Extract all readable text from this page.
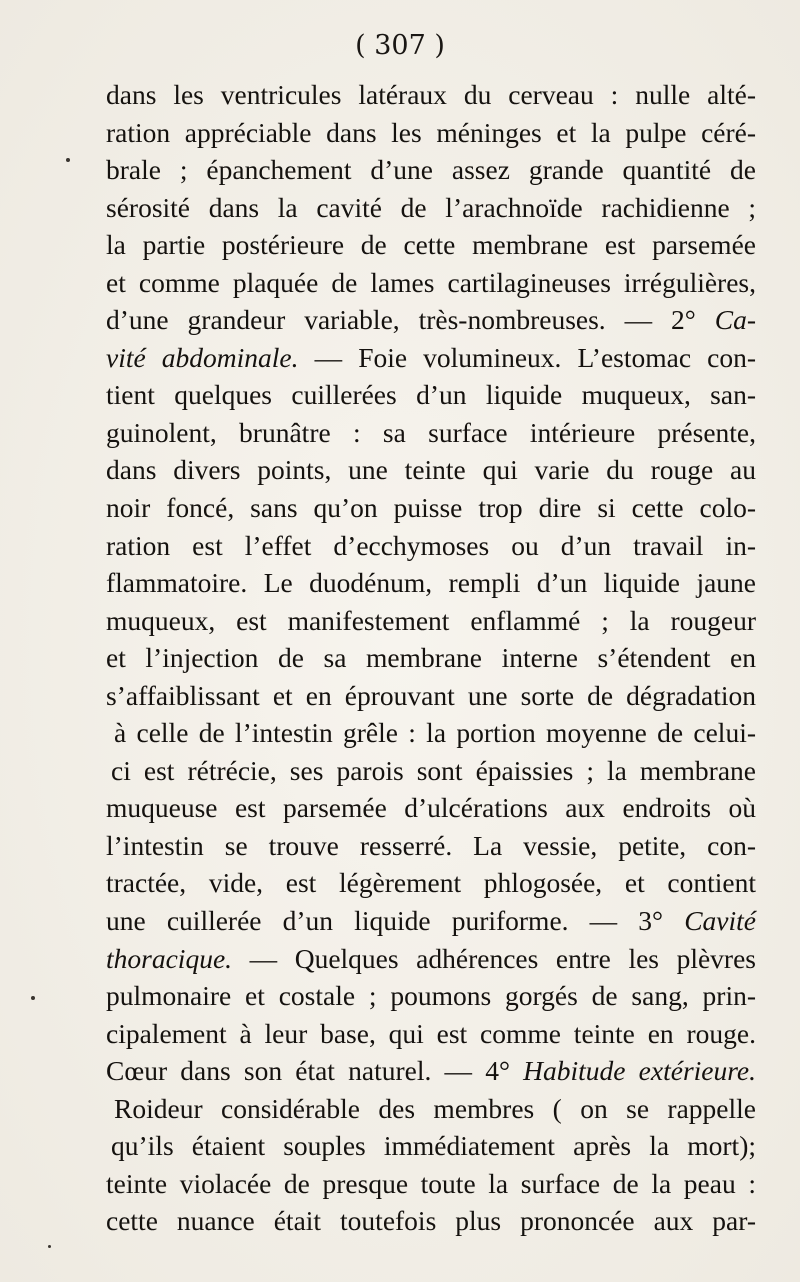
( 307 )
dans les ventricules latéraux du cerveau : nulle alté-
ration appréciable dans les méninges et la pulpe céré-
brale ; épanchement d’une assez grande quantité de
sérosité dans la cavité de l’arachnoïde rachidienne ;
la partie postérieure de cette membrane est parsemée
et comme plaquée de lames cartilagineuses irrégulières,
d’une grandeur variable, très-nombreuses. — 2° Ca-
vité abdominale. — Foie volumineux. L’estomac con-
tient quelques cuillerées d’un liquide muqueux, san-
guinolent, brunâtre : sa surface intérieure présente,
dans divers points, une teinte qui varie du rouge au
noir foncé, sans qu’on puisse trop dire si cette colo-
ration est l’effet d’ecchymoses ou d’un travail in-
flammatoire. Le duodénum, rempli d’un liquide jaune
muqueux, est manifestement enflammé ; la rougeur
et l’injection de sa membrane interne s’étendent en
s’affaiblissant et en éprouvant une sorte de dégradation
à celle de l’intestin grêle : la portion moyenne de celui-
ci est rétrécie, ses parois sont épaissies ; la membrane
muqueuse est parsemée d’ulcérations aux endroits où
l’intestin se trouve resserré. La vessie, petite, con-
tractée, vide, est légèrement phlogosée, et contient
une cuillerée d’un liquide puriforme. — 3° Cavité
thoracique. — Quelques adhérences entre les plèvres
pulmonaire et costale ; poumons gorgés de sang, prin-
cipalement à leur base, qui est comme teinte en rouge.
Cœur dans son état naturel. — 4° Habitude extérieure.
Roideur considérable des membres ( on se rappelle
qu’ils étaient souples immédiatement après la mort);
teinte violacée de presque toute la surface de la peau :
cette nuance était toutefois plus prononcée aux par-
